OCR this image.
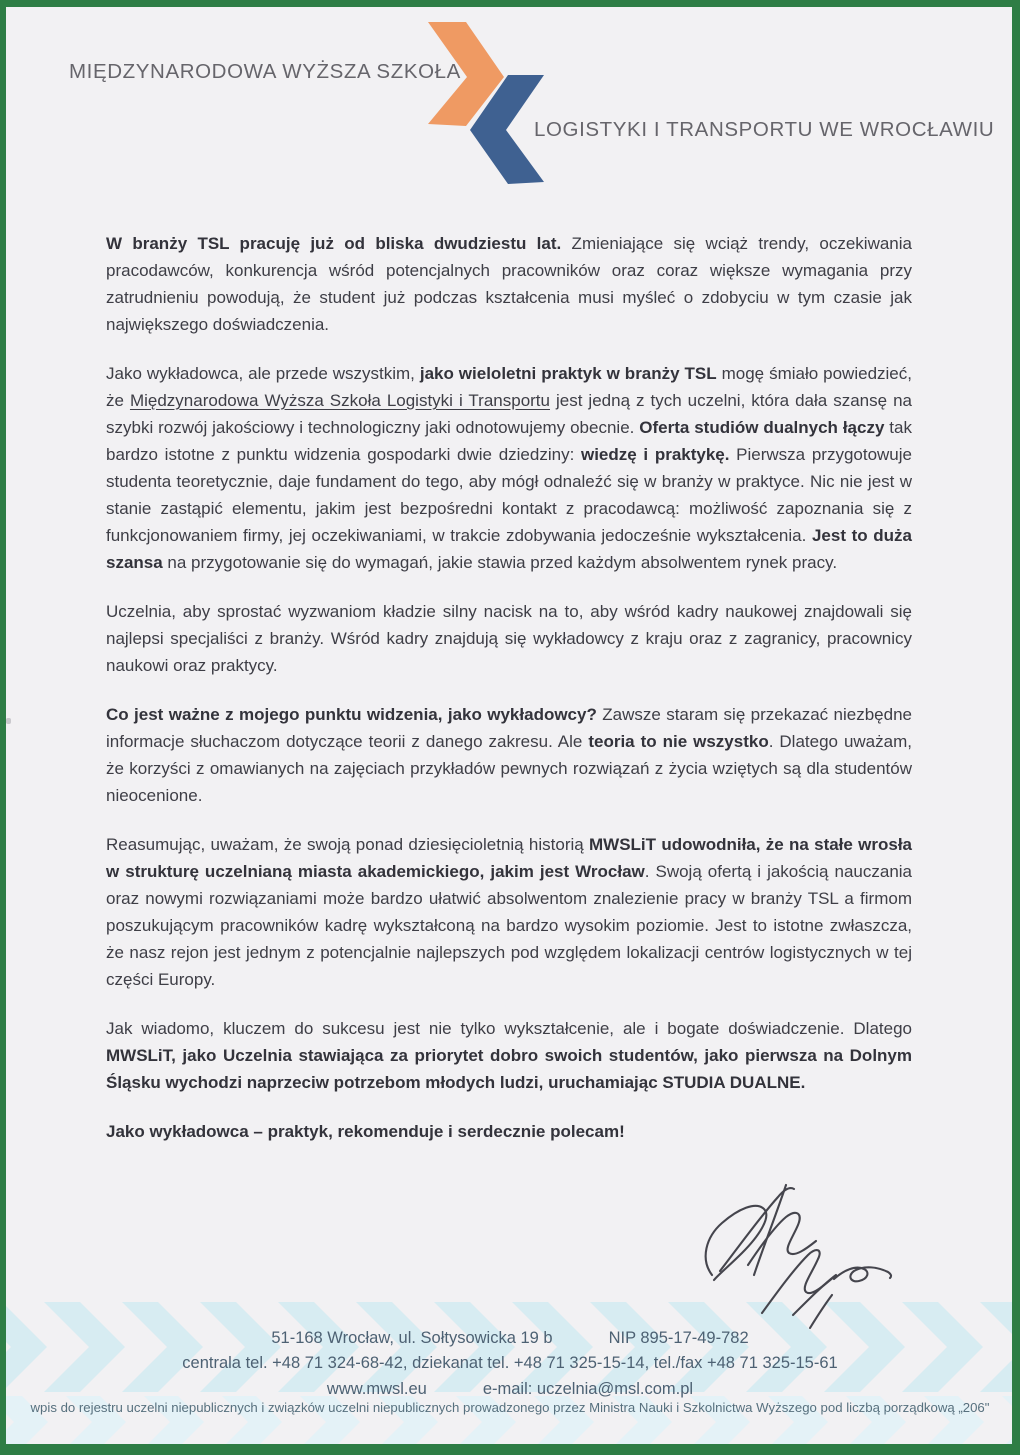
MIĘDZYNARODOWA WYŻSZA SZKOŁA
LOGISTYKI I TRANSPORTU WE WROCŁAWIU

W branży TSL pracuję już od bliska dwudziestu lat. Zmieniające się wciąż trendy, oczekiwania pracodawców, konkurencja wśród potencjalnych pracowników oraz coraz większe wymagania przy zatrudnieniu powodują, że student już podczas kształcenia musi myśleć o zdobyciu w tym czasie jak największego doświadczenia.

Jako wykładowca, ale przede wszystkim, jako wieloletni praktyk w branży TSL mogę śmiało powiedzieć, że Międzynarodowa Wyższa Szkoła Logistyki i Transportu jest jedną z tych uczelni, która dała szansę na szybki rozwój jakościowy i technologiczny jaki odnotowujemy obecnie. Oferta studiów dualnych łączy tak bardzo istotne z punktu widzenia gospodarki dwie dziedziny: wiedzę i praktykę. Pierwsza przygotowuje studenta teoretycznie, daje fundament do tego, aby mógł odnaleźć się w branży w praktyce. Nic nie jest w stanie zastąpić elementu, jakim jest bezpośredni kontakt z pracodawcą: możliwość zapoznania się z funkcjonowaniem firmy, jej oczekiwaniami, w trakcie zdobywania jedocześnie wykształcenia. Jest to duża szansa na przygotowanie się do wymagań, jakie stawia przed każdym absolwentem rynek pracy.

Uczelnia, aby sprostać wyzwaniom kładzie silny nacisk na to, aby wśród kadry naukowej znajdowali się najlepsi specjaliści z branży. Wśród kadry znajdują się wykładowcy z kraju oraz z zagranicy, pracownicy naukowi oraz praktycy.

Co jest ważne z mojego punktu widzenia, jako wykładowcy? Zawsze staram się przekazać niezbędne informacje słuchaczom dotyczące teorii z danego zakresu. Ale teoria to nie wszystko. Dlatego uważam, że korzyści z omawianych na zajęciach przykładów pewnych rozwiązań z życia wziętych są dla studentów nieocenione.

Reasumując, uważam, że swoją ponad dziesięcioletnią historią MWSLiT udowodniła, że na stałe wrosła w strukturę uczelnianą miasta akademickiego, jakim jest Wrocław. Swoją ofertą i jakością nauczania oraz nowymi rozwiązaniami może bardzo ułatwić absolwentom znalezienie pracy w branży TSL a firmom poszukującym pracowników kadrę wykształconą na bardzo wysokim poziomie. Jest to istotne zwłaszcza, że nasz rejon jest jednym z potencjalnie najlepszych pod względem lokalizacji centrów logistycznych w tej części Europy.

Jak wiadomo, kluczem do sukcesu jest nie tylko wykształcenie, ale i bogate doświadczenie. Dlatego MWSLiT, jako Uczelnia stawiająca za priorytet dobro swoich studentów, jako pierwsza na Dolnym Śląsku wychodzi naprzeciw potrzebom młodych ludzi, uruchamiając STUDIA DUALNE.

Jako wykładowca – praktyk, rekomenduje i serdecznie polecam!

51-168 Wrocław, ul. Sołtysowicka 19 b	NIP 895-17-49-782
centrala tel. +48 71 324-68-42, dziekanat tel. +48 71 325-15-14, tel./fax +48 71 325-15-61
www.mwsl.eu	e-mail: uczelnia@msl.com.pl
wpis do rejestru uczelni niepublicznych i związków uczelni niepublicznych prowadzonego przez Ministra Nauki i Szkolnictwa Wyższego pod liczbą porządkową „206"
